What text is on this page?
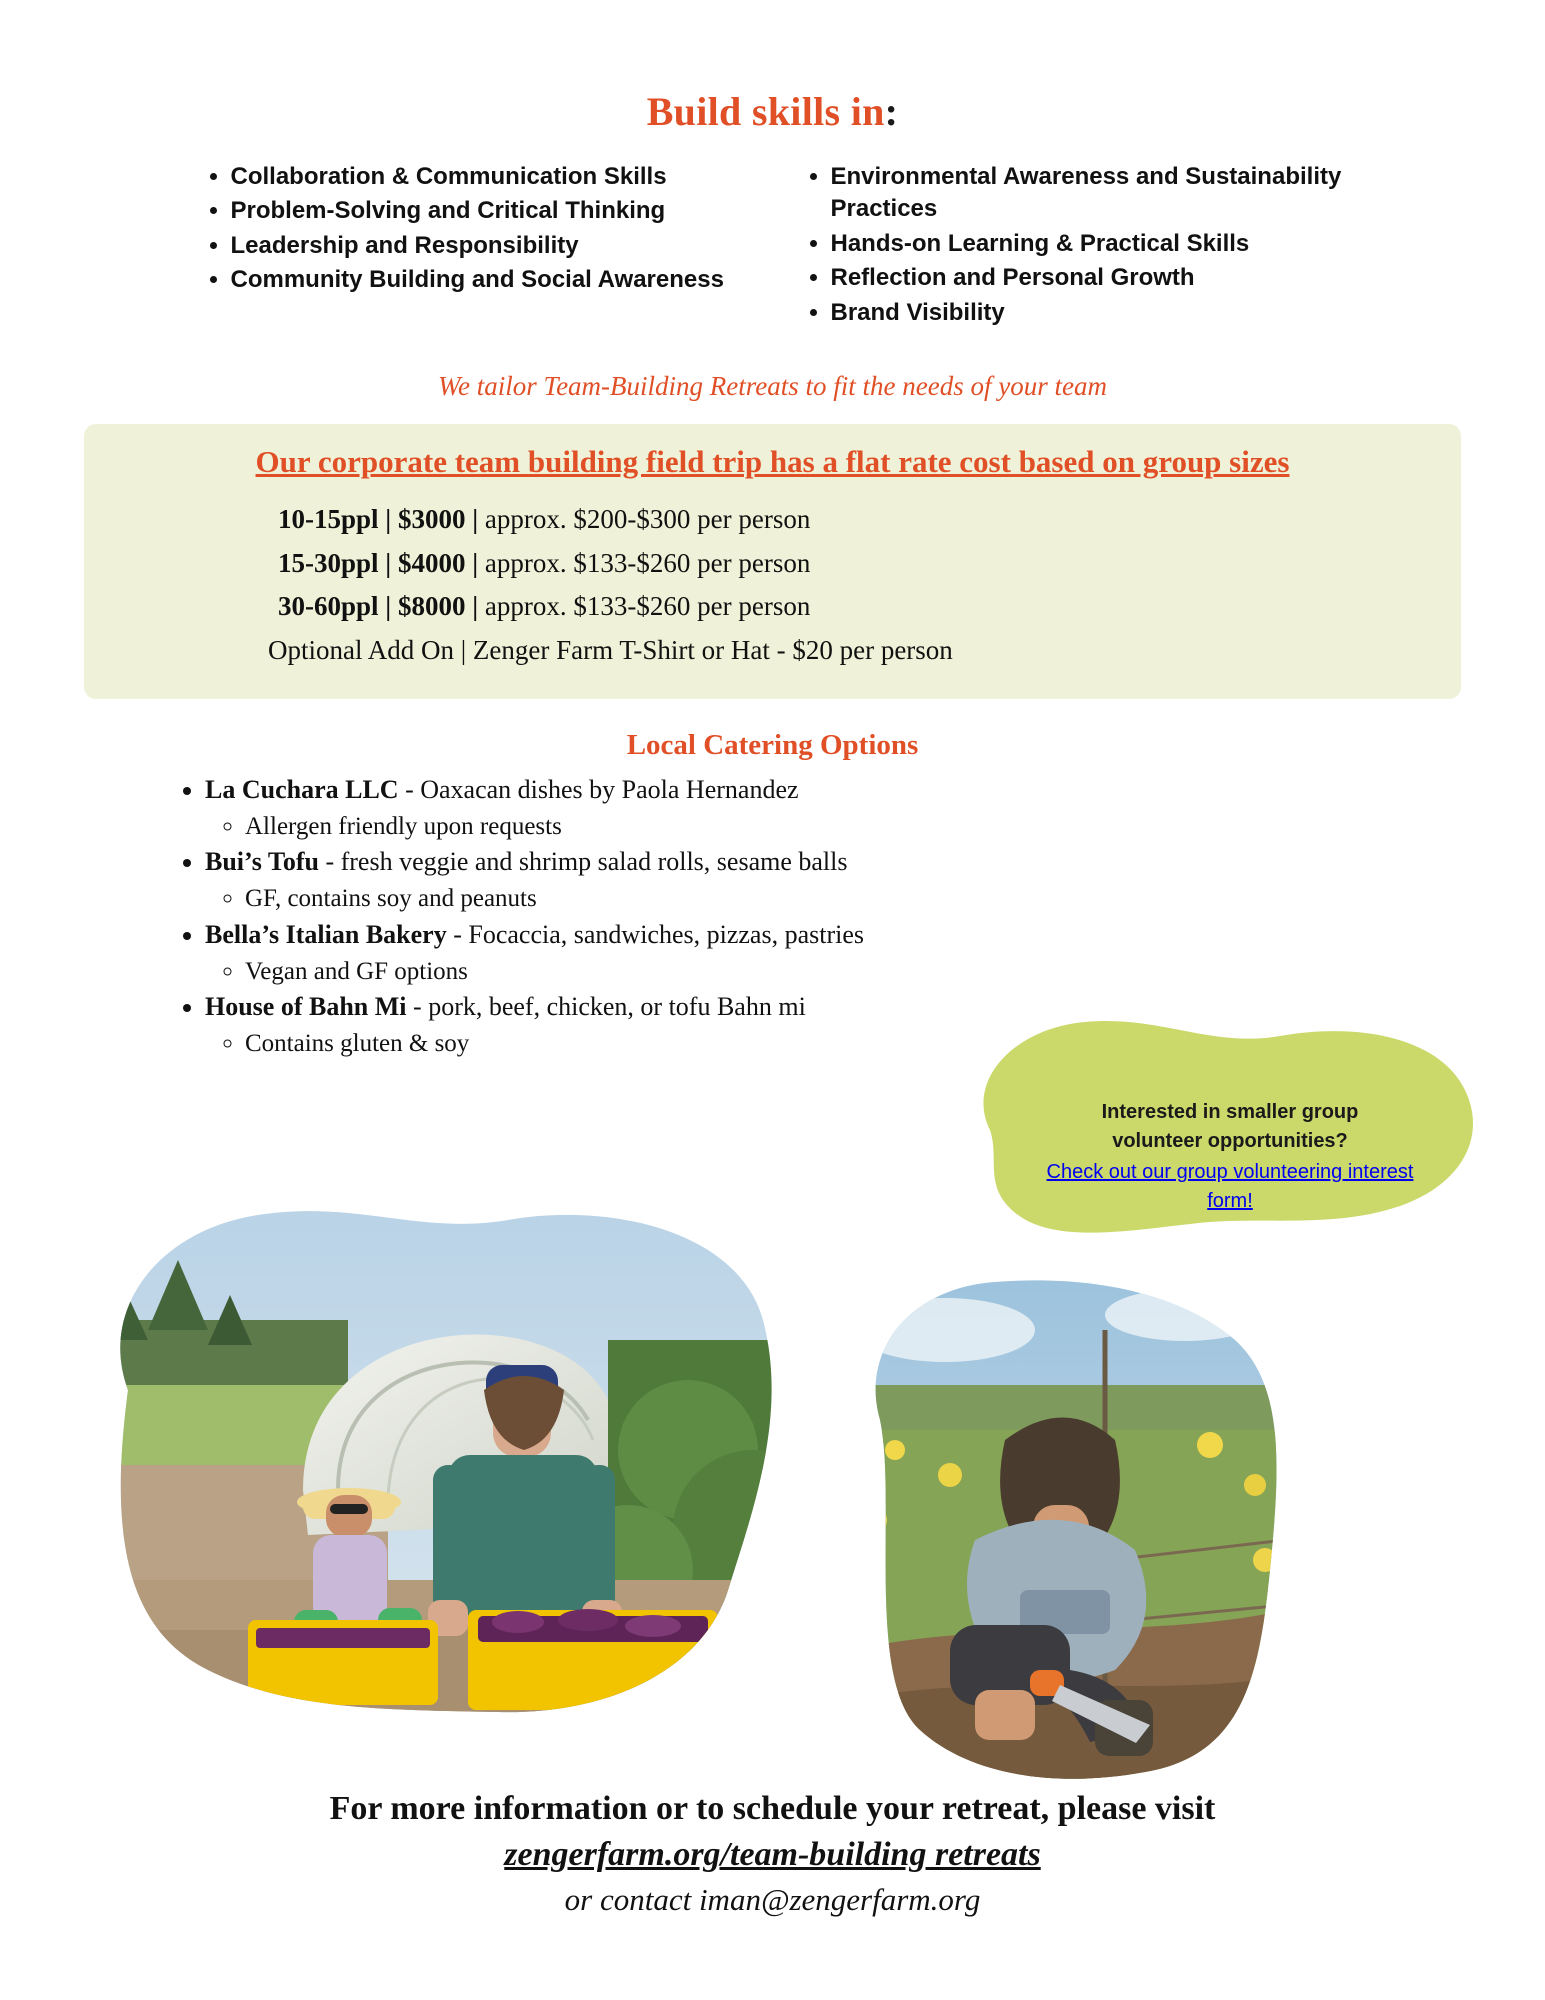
Build skills in:
• Collaboration & Communication Skills
• Problem-Solving and Critical Thinking
• Leadership and Responsibility
• Community Building and Social Awareness
• Environmental Awareness and Sustainability Practices
• Hands-on Learning & Practical Skills
• Reflection and Personal Growth
• Brand Visibility
We tailor Team-Building Retreats to fit the needs of your team
Our corporate team building field trip has a flat rate cost based on group sizes
10-15ppl | $3000 | approx. $200-$300 per person
15-30ppl | $4000 | approx. $133-$260 per person
30-60ppl | $8000 | approx. $133-$260 per person
Optional Add On | Zenger Farm T-Shirt or Hat - $20 per person
Local Catering Options
• La Cuchara LLC - Oaxacan dishes by Paola Hernandez
◦ Allergen friendly upon requests
• Bui’s Tofu - fresh veggie and shrimp salad rolls, sesame balls
◦ GF, contains soy and peanuts
• Bella’s Italian Bakery - Focaccia, sandwiches, pizzas, pastries
◦ Vegan and GF options
• House of Bahn Mi - pork, beef, chicken, or tofu Bahn mi
◦ Contains gluten & soy
Interested in smaller group
volunteer opportunities?
Check out our group volunteering interest form!
For more information or to schedule your retreat, please visit
zengerfarm.org/team-building retreats
or contact iman@zengerfarm.org
